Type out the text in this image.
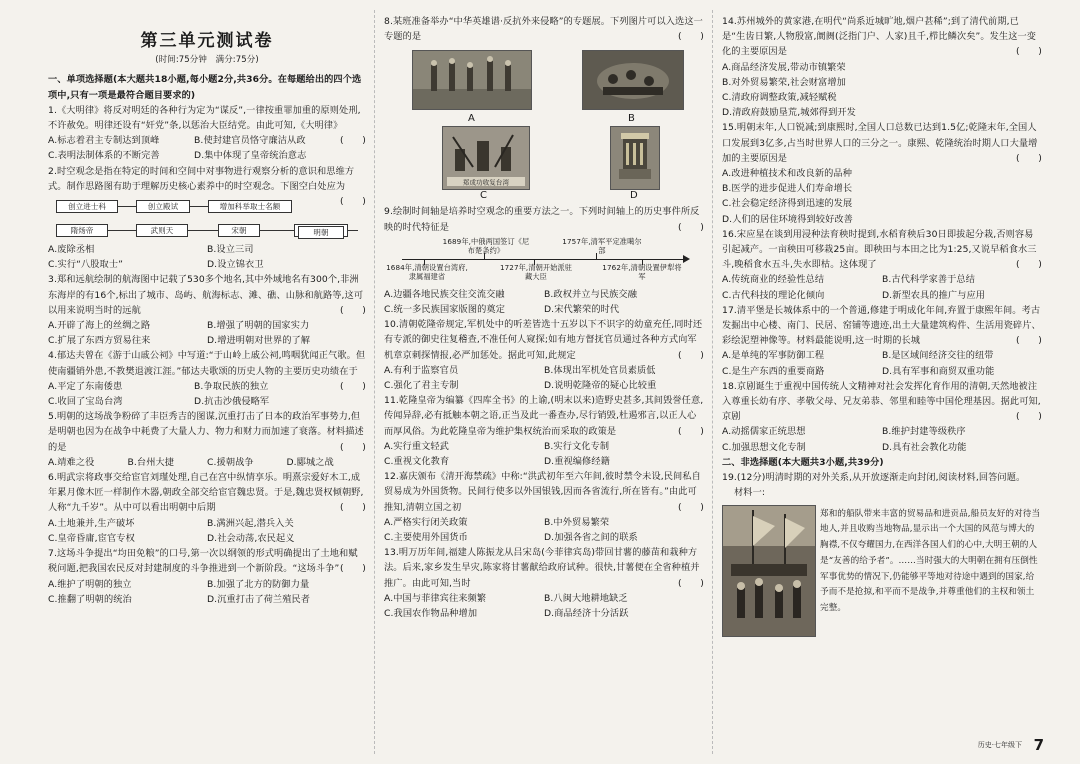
第三单元测试卷
(时间:75分钟　满分:75分)
一、单项选择题(本大题共18小题,每小题2分,共36分。在每题给出的四个选项中,只有一项是最符合题目要求的)
1.《大明律》将反对明廷的各种行为定为“谋反”,一律按重罪加重的原则处刑,不许赦免。明律还设有“奸党”条,以惩治大臣结党。由此可知,《大明律》
(　　)
A.标志着君主专制达到顶峰	B.使封建官员恪守廉洁从政
C.表明法制体系的不断完善	D.集中体现了皇帝统治意志
2.时空观念是指在特定的时间和空间中对事物进行观察分析的意识和思维方式。制作思路图有助于理解历史核心素养中的时空观念。下图空白处应为
(　　)
创立进士科	创立殿试	增加科举取士名额
隋炀帝	武则天	宋朝	明朝
A.废除丞相	B.设立三司
C.实行“八股取士”	D.设立锦衣卫
3.郑和远航绘制的航海图中记载了530多个地名,其中外域地名有300个,非洲东海岸的有16个,标出了城市、岛屿、航海标志、滩、礁、山脉和航路等,这可以用来说明当时的远航	(　　)
A.开辟了海上的丝绸之路	B.增强了明朝的国家实力
C.扩展了东西方贸易往来	D.增进明朝对世界的了解
4.郁达夫曾在《游于山戚公祠》中写道:“于山岭上戚公祠,鸣咽犹闻正气歌。但使南疆销外患,不教樊退渡江涯。”郁达夫歌颂的历史人物的主要历史功绩在于
(　　)
A.平定了东南倭患	B.争取民族的独立
C.收回了宝岛台湾	D.抗击沙俄侵略军
5.明朝的这场战争粉碎了丰臣秀吉的图谋,沉重打击了日本的政治军事势力,但是明朝也因为在战争中耗费了大量人力、物力和财力而加速了衰落。材料描述的是	(　　)
A.靖难之役	B.台州大捷	C.援朝战争	D.郾城之战
6.明武宗将政事交给宦官刘瑾处理,自己在宫中纵情享乐。明熹宗爱好木工,成年累月像木匠一样制作木器,朝政全部交给宦官魏忠贤。于是,魏忠贤权倾朝野,人称“九千岁”。从中可以看出明朝中后期	(　　)
A.土地兼并,生产破坏	B.满洲兴起,潜兵入关
C.皇帝昏庸,宦官专权	D.社会动荡,农民起义
7.这场斗争提出“均田免粮”的口号,第一次以纲领的形式明确提出了土地和赋税问题,把我国农民反对封建制度的斗争推进到一个新阶段。“这场斗争” (　　)
A.维护了明朝的独立	B.加强了北方的防御力量
C.推翻了明朝的统治	D.沉重打击了荷兰殖民者
8.某班准备举办“中华英雄谱·反抗外来侵略”的专题展。下列图片可以入选这一专题的是	(　　)
A	B
郑成功收复台湾
C	D
9.绘制时间轴是培养时空观念的重要方法之一。下列时间轴上的历史事件所反映的时代特征是	(　　)
1689年,中俄两国签订《尼布楚条约》
1757年,清军平定准噶尔部
1684年,清朝设置台湾府,隶属福建省
1727年,清朝开始派驻藏大臣
1762年,清朝设置伊犁将军
A.边疆各地民族交往交流交融	B.政权并立与民族交融
C.统一多民族国家版图的奠定	D.宋代繁荣的时代
10.清朝乾隆帝规定,军机处中的听差皆选十五岁以下不识字的幼童充任,同时还有专派的御史往复稽查,不准任何人窥探;如有地方督抚官员通过各种方式向军机章京刺探情报,必严加惩处。据此可知,此规定	(　　)
A.有利于监察官员	B.体现出军机处官员素质低
C.强化了君主专制	D.说明乾隆帝的疑心比较重
11.乾隆皇帝为编纂《四库全书》的上谕,(明末以来)造野史甚多,其间毁誉任意,传闻异辞,必有抵触本朝之语,正当及此一番查办,尽行销毁,杜遏邪言,以正人心而厚风俗。为此乾隆皇帝为维护集权统治而采取的政策是	(　　)
A.实行重文轻武	B.实行文化专制
C.重视文化教育	D.重视编修经籍
12.嘉庆颁布《清开海禁疏》中称:“洪武初年至六年间,彼时禁令未设,民间私自贸易成为外国货物。民间行使多以外国银钱,因而各省流行,所在皆有。”由此可推知,清朝立国之初	(　　)
A.严格实行闭关政策	B.中外贸易繁荣
C.主要使用外国货币	D.加强各省之间的联系
13.明万历年间,福建人陈振龙从吕宋岛(今菲律宾岛)带回甘薯的藤苗和栽种方法。后来,家乡发生旱灾,陈家将甘薯献给政府试种。很快,甘薯便在全省种植并推广。由此可知,当时	(　　)
A.中国与菲律宾往来频繁	B.八闽大地耕地缺乏
C.我国农作物品种增加	D.商品经济十分活跃
14.苏州城外的黄家港,在明代“尚系近城旷地,烟户甚稀”;到了清代前期,已是“生齿日繁,人物殷富,阛阓(泛指门户、人家)且千,栉比鳞次矣”。发生这一变化的主要原因是	(　　)
A.商品经济发展,带动市镇繁荣
B.对外贸易繁荣,社会财富增加
C.清政府调整政策,减轻赋税
D.清政府鼓励垦荒,城郊得到开发
15.明朝末年,人口锐减;到康熙时,全国人口总数已达到1.5亿;乾隆末年,全国人口发展到3亿多,占当时世界人口的三分之一。康熙、乾隆统治时期人口大量增加的主要原因是	(　　)
A.改进种植技术和改良新的品种
B.医学的进步促进人们寿命增长
C.社会稳定经济得到迅速的发展
D.人们的居住环境得到较好改善
16.宋应星在谈到用浸种法育秧时提到,水稻育秧后30日即拔起分栽,否则容易引起减产。一亩秧田可移栽25亩。即秧田与本田之比为1:25,又说早稻食水三斗,晚稻食水五斗,失水即枯。这体现了	(　　)
A.传统商业的经验性总结	B.古代科学家善于总结
C.古代科技的理论化倾向	D.新型农具的推广与应用
17.清平堡是长城体系中的一个普通,修建于明成化年间,弃置于康熙年间。考古发掘出中心楼、南门、民居、窑铺等遗迹,出土大量建筑构件、生活用瓷碎片、彩绘泥塑神像等。材料最能说明,这一时期的长城	(　　)
A.是单纯的军事防御工程	B.是区域间经济交往的纽带
C.是生产东西的重要商路	D.具有军事和商贸双重功能
18.京剧诞生于重视中国传统人文精神对社会发挥化育作用的清朝,天然地被注入尊重长幼有序、孝敬父母、兄友弟恭、邻里和睦等中国伦理基因。据此可知,京剧	(　　)
A.动摇儒家正统思想	B.维护封建等级秩序
C.加强思想文化专制	D.具有社会教化功能
二、非选择题(本大题共3小题,共39分)
19.(12分)明清时期的对外关系,从开放逐渐走向封闭,阅读材料,回答问题。
材料一:
郑和的船队带来丰富的贸易品和进贡品,船员友好的对待当地人,并且收购当地物品,显示出一个大国的风范与博大的胸襟,不仅夸耀国力,在西洋各国人们的心中,大明王朝的人是“友善的给予者”。……当时强大的大明朝在拥有压倒性军事优势的情况下,仍能够平等地对待途中遇到的国家,给予而不是抢掠,和平而不是战争,并尊重他们的主权和领土完整。
历史·七年级下 7
